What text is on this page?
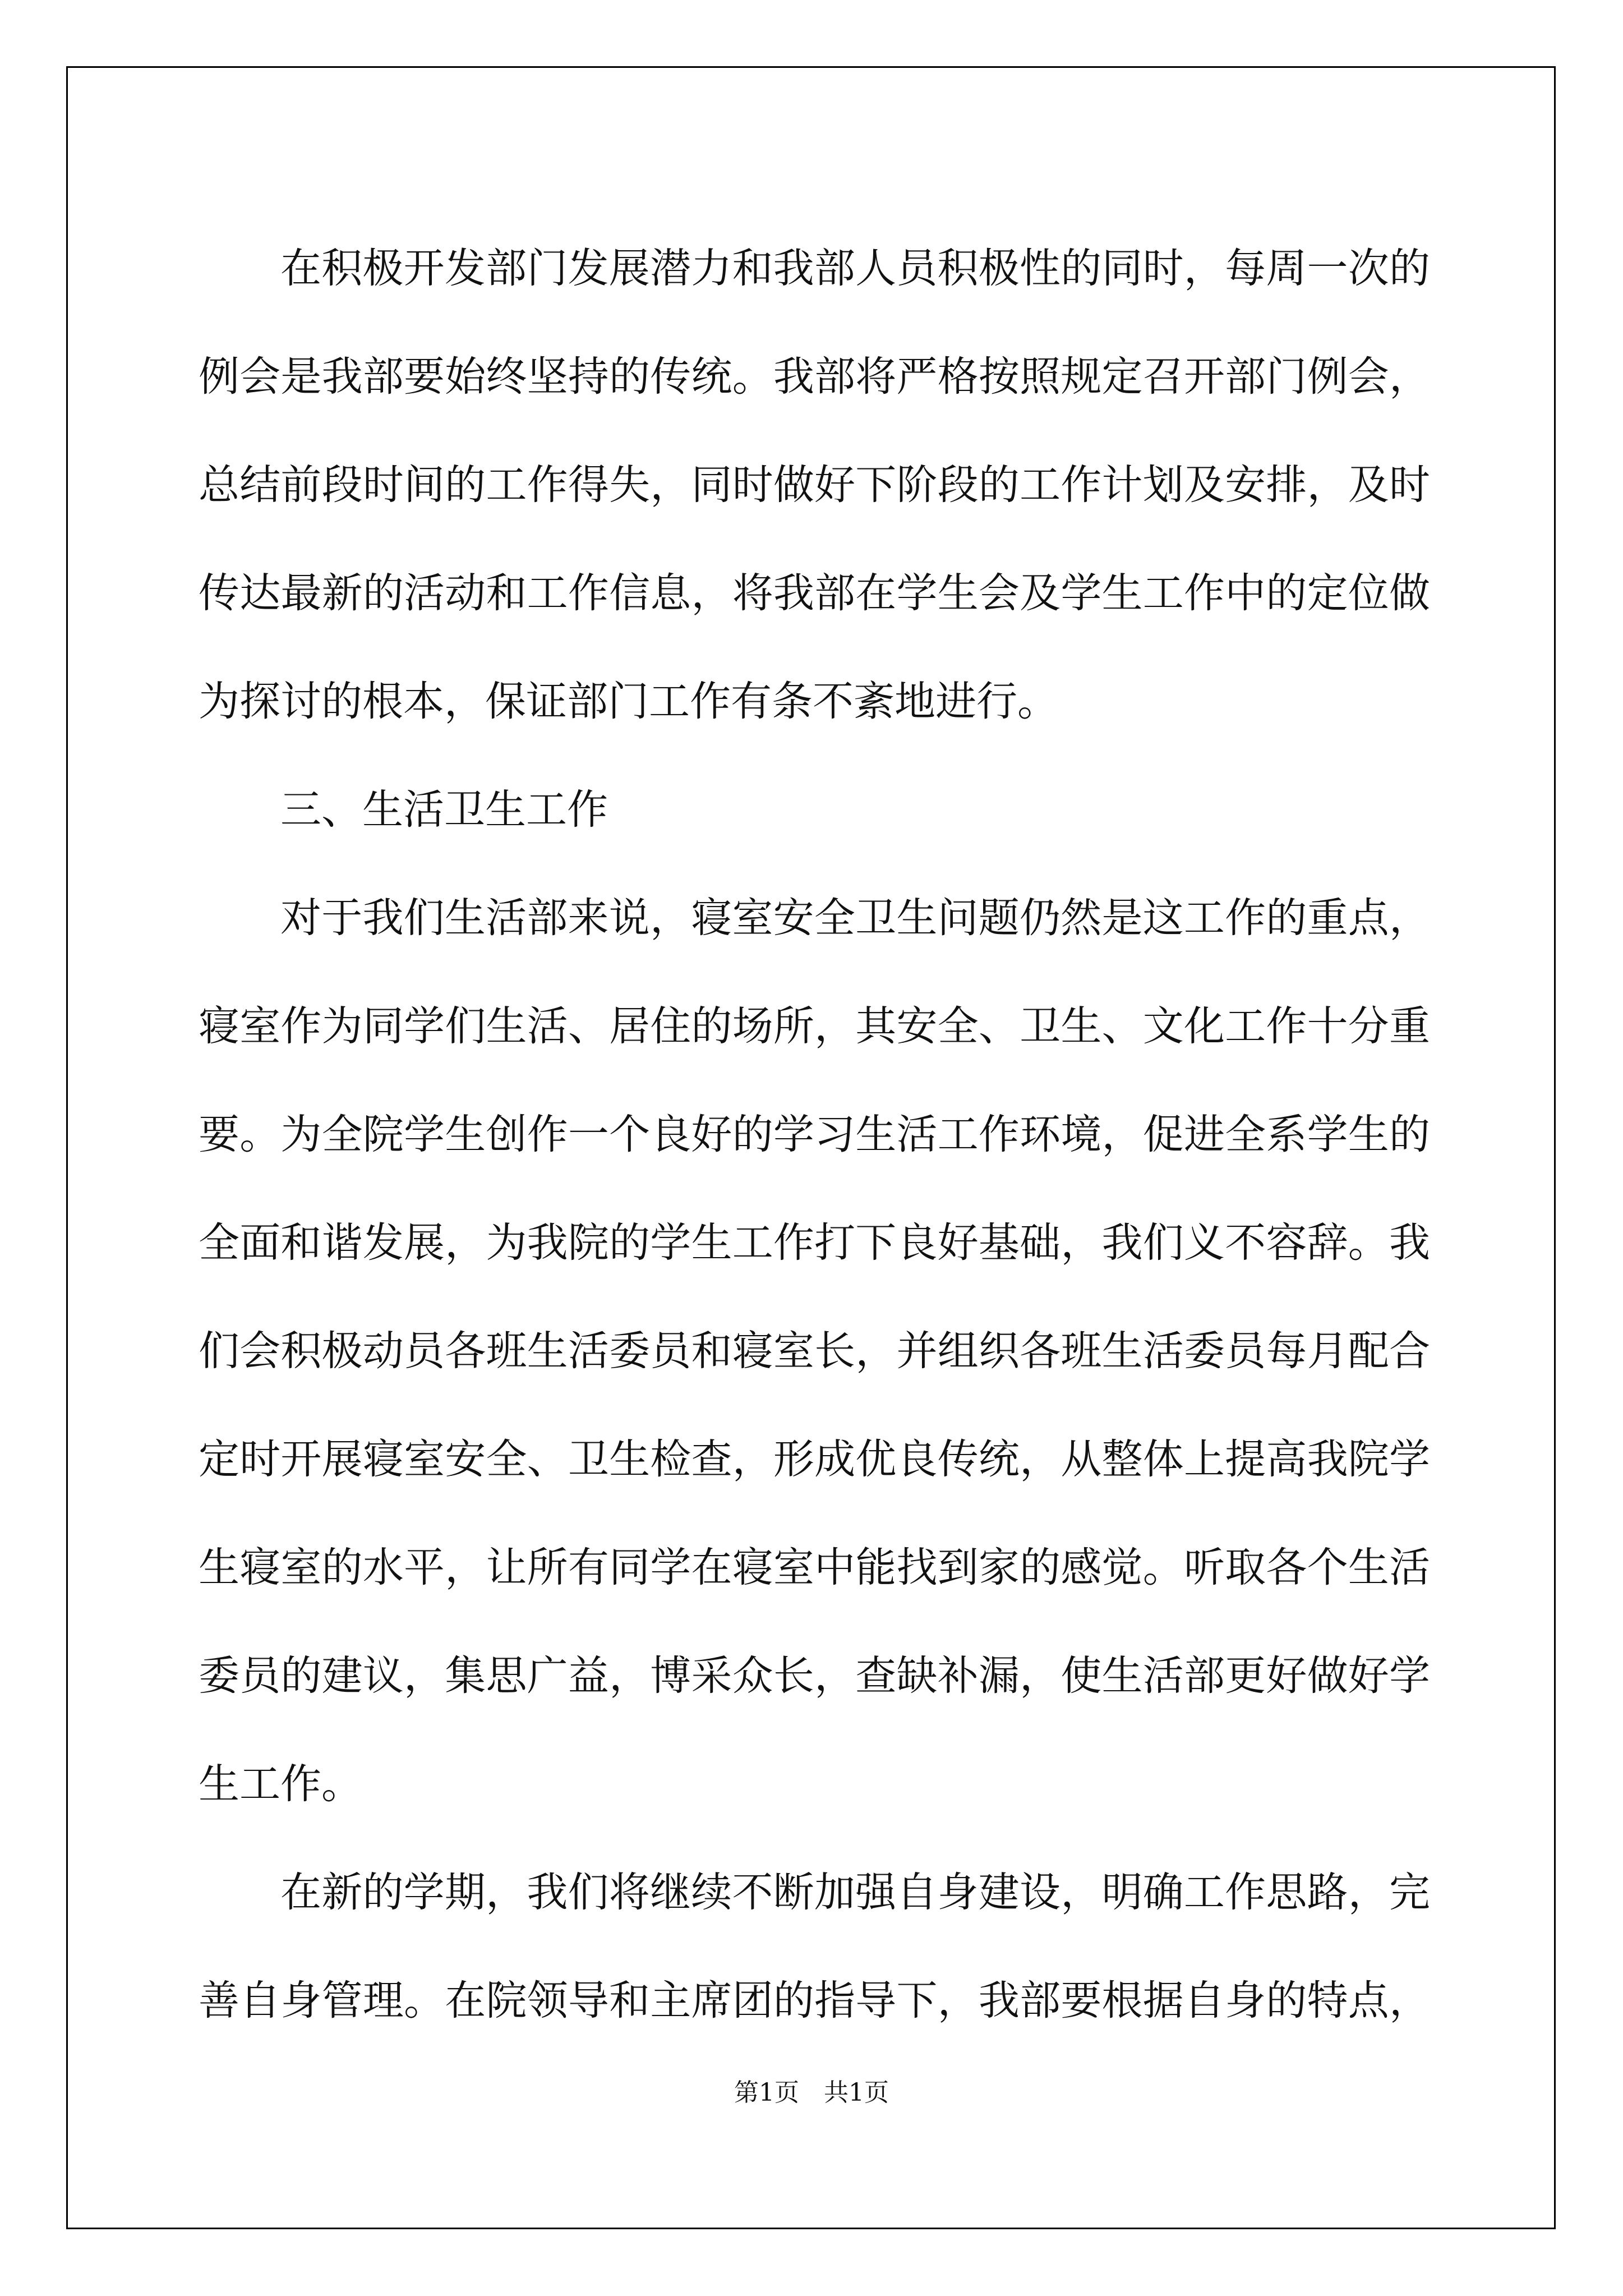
在积极开发部门发展潜力和我部人员积极性的同时，每周一次的
例会是我部要始终坚持的传统。我部将严格按照规定召开部门例会，
总结前段时间的工作得失，同时做好下阶段的工作计划及安排，及时
传达最新的活动和工作信息，将我部在学生会及学生工作中的定位做
为探讨的根本，保证部门工作有条不紊地进行。
三、生活卫生工作
对于我们生活部来说，寝室安全卫生问题仍然是这工作的重点，
寝室作为同学们生活、居住的场所，其安全、卫生、文化工作十分重
要。为全院学生创作一个良好的学习生活工作环境，促进全系学生的
全面和谐发展，为我院的学生工作打下良好基础，我们义不容辞。我
们会积极动员各班生活委员和寝室长，并组织各班生活委员每月配合
定时开展寝室安全、卫生检查，形成优良传统，从整体上提高我院学
生寝室的水平，让所有同学在寝室中能找到家的感觉。听取各个生活
委员的建议，集思广益，博采众长，查缺补漏，使生活部更好做好学
生工作。
在新的学期，我们将继续不断加强自身建设，明确工作思路，完
善自身管理。在院领导和主席团的指导下，我部要根据自身的特点，
第1页　共1页
